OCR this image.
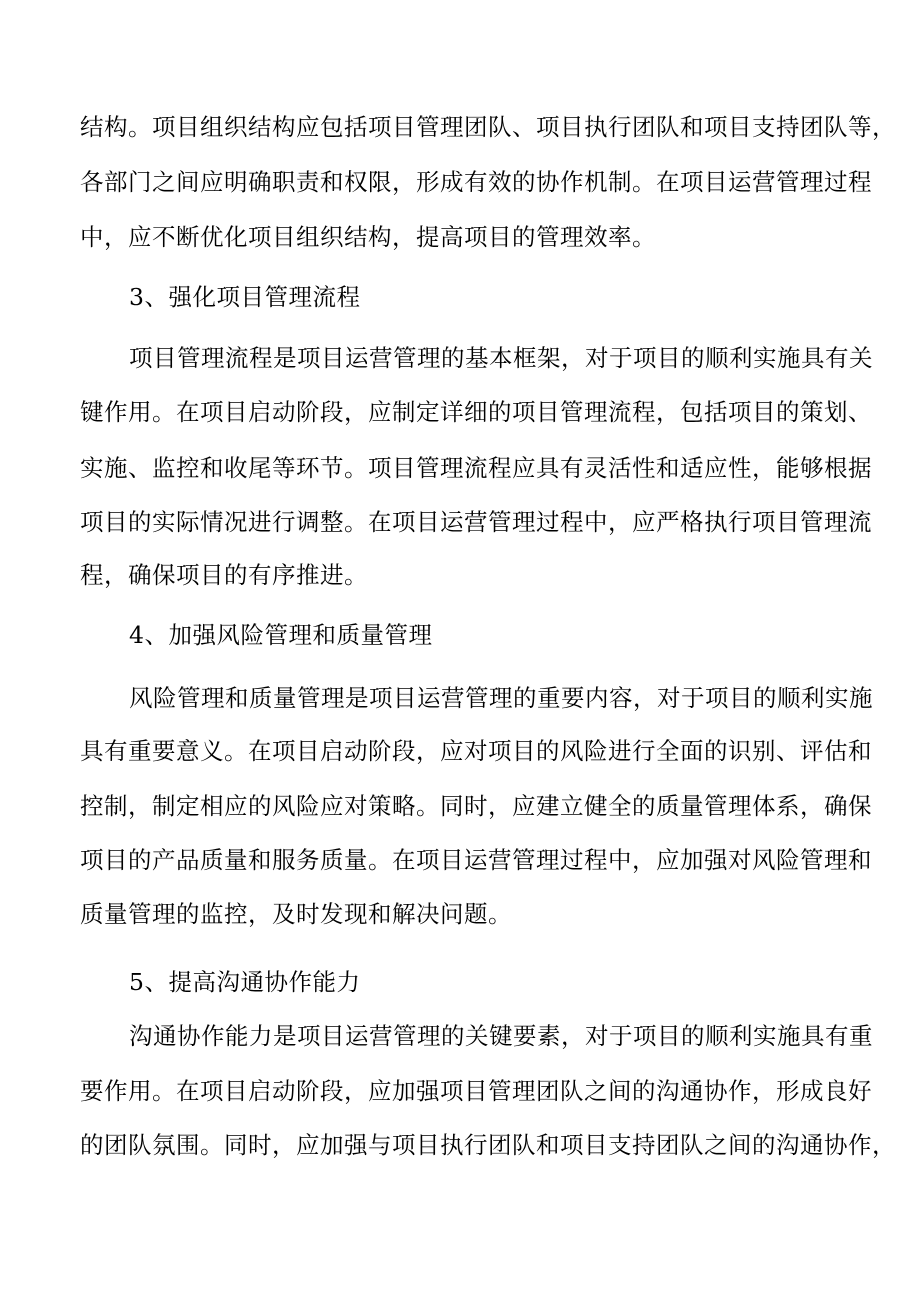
结构。项目组织结构应包括项目管理团队、项目执行团队和项目支持团队等，
各部门之间应明确职责和权限，形成有效的协作机制。在项目运营管理过程
中，应不断优化项目组织结构，提高项目的管理效率。
3、强化项目管理流程
项目管理流程是项目运营管理的基本框架，对于项目的顺利实施具有关
键作用。在项目启动阶段，应制定详细的项目管理流程，包括项目的策划、
实施、监控和收尾等环节。项目管理流程应具有灵活性和适应性，能够根据
项目的实际情况进行调整。在项目运营管理过程中，应严格执行项目管理流
程，确保项目的有序推进。
4、加强风险管理和质量管理
风险管理和质量管理是项目运营管理的重要内容，对于项目的顺利实施
具有重要意义。在项目启动阶段，应对项目的风险进行全面的识别、评估和
控制，制定相应的风险应对策略。同时，应建立健全的质量管理体系，确保
项目的产品质量和服务质量。在项目运营管理过程中，应加强对风险管理和
质量管理的监控，及时发现和解决问题。
5、提高沟通协作能力
沟通协作能力是项目运营管理的关键要素，对于项目的顺利实施具有重
要作用。在项目启动阶段，应加强项目管理团队之间的沟通协作，形成良好
的团队氛围。同时，应加强与项目执行团队和项目支持团队之间的沟通协作，
